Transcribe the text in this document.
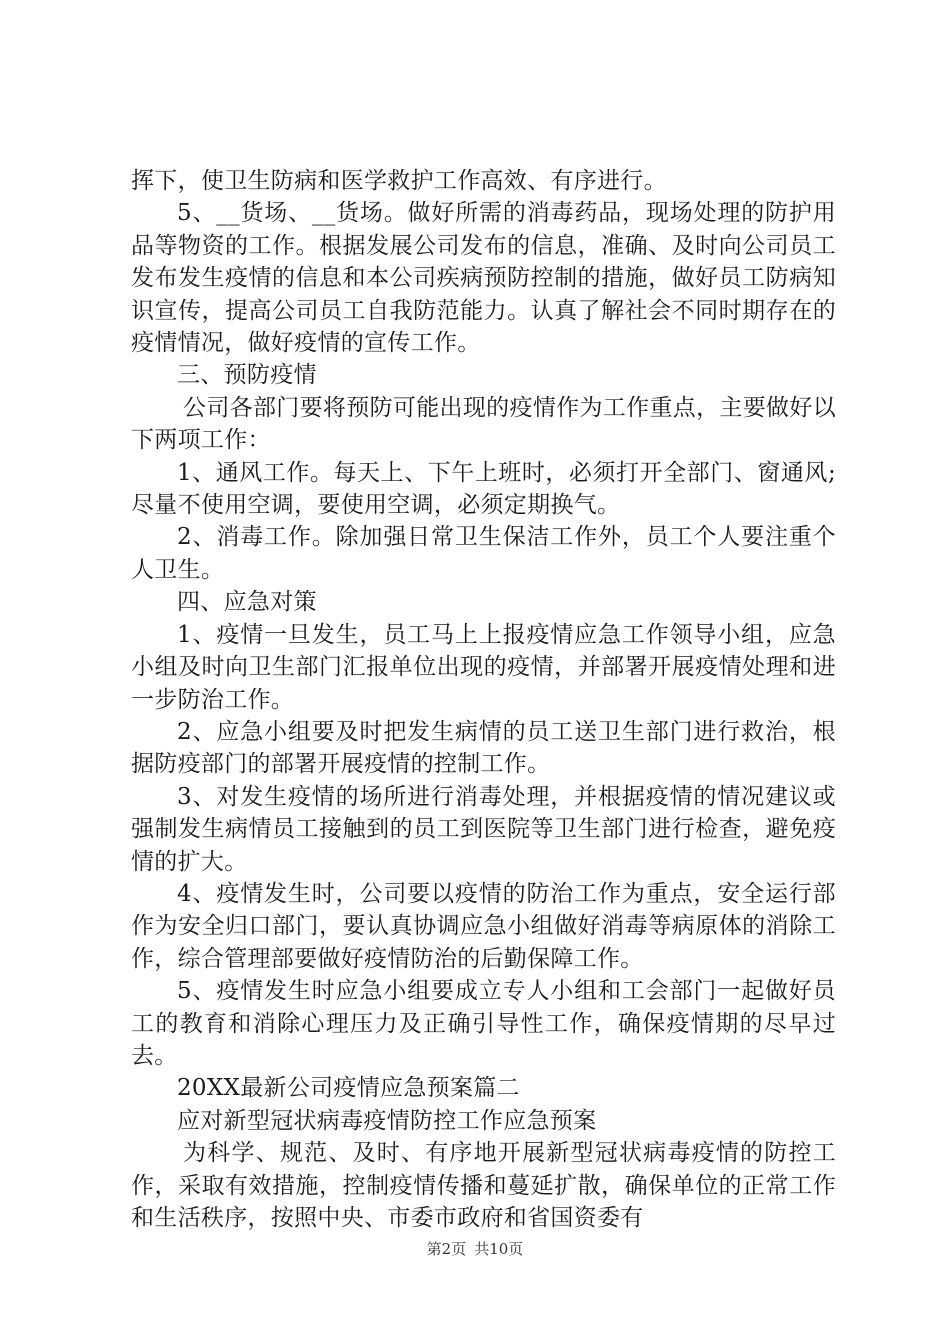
挥下，使卫生防病和医学救护工作高效、有序进行。

5、__货场、__货场。做好所需的消毒药品，现场处理的防护用品等物资的工作。根据发展公司发布的信息，准确、及时向公司员工发布发生疫情的信息和本公司疾病预防控制的措施，做好员工防病知识宣传，提高公司员工自我防范能力。认真了解社会不同时期存在的疫情情况，做好疫情的宣传工作。

三、预防疫情

公司各部门要将预防可能出现的疫情作为工作重点，主要做好以下两项工作：

1、通风工作。每天上、下午上班时，必须打开全部门、窗通风;尽量不使用空调，要使用空调，必须定期换气。

2、消毒工作。除加强日常卫生保洁工作外，员工个人要注重个人卫生。

四、应急对策

1、疫情一旦发生，员工马上上报疫情应急工作领导小组，应急小组及时向卫生部门汇报单位出现的疫情，并部署开展疫情处理和进一步防治工作。

2、应急小组要及时把发生病情的员工送卫生部门进行救治，根据防疫部门的部署开展疫情的控制工作。

3、对发生疫情的场所进行消毒处理，并根据疫情的情况建议或强制发生病情员工接触到的员工到医院等卫生部门进行检查，避免疫情的扩大。

4、疫情发生时，公司要以疫情的防治工作为重点，安全运行部作为安全归口部门，要认真协调应急小组做好消毒等病原体的消除工作，综合管理部要做好疫情防治的后勤保障工作。

5、疫情发生时应急小组要成立专人小组和工会部门一起做好员工的教育和消除心理压力及正确引导性工作，确保疫情期的尽早过去。

20XX最新公司疫情应急预案篇二

应对新型冠状病毒疫情防控工作应急预案

为科学、规范、及时、有序地开展新型冠状病毒疫情的防控工作，采取有效措施，控制疫情传播和蔓延扩散，确保单位的正常工作和生活秩序，按照中央、市委市政府和省国资委有

第2页 共10页
